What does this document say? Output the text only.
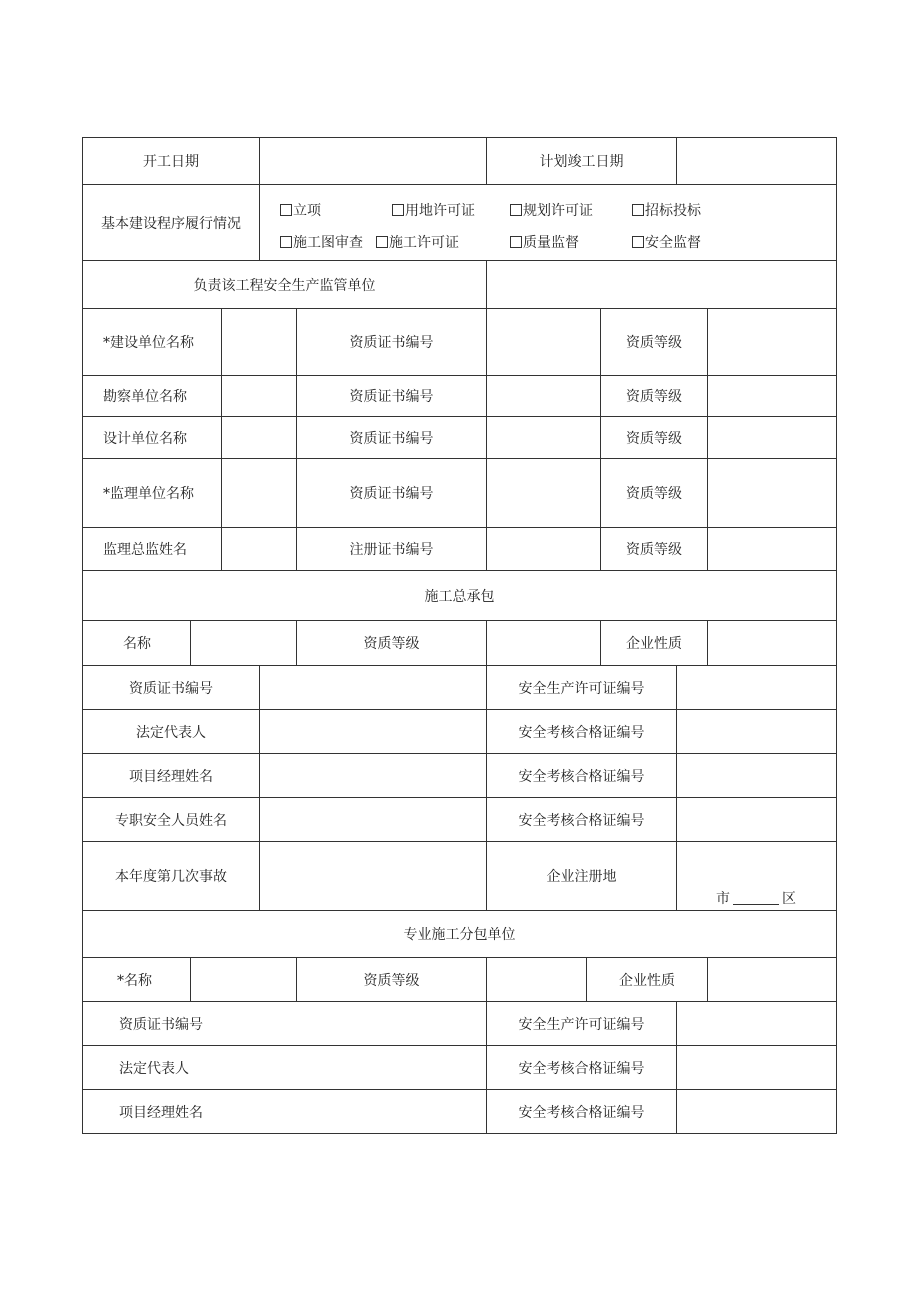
开工日期	计划竣工日期
基本建设程序履行情况
立项	用地许可证	规划许可证	招标投标
施工图审查 施工许可证	质量监督	安全监督
负责该工程安全生产监管单位
*建设单位名称	资质证书编号	资质等级
勘察单位名称	资质证书编号	资质等级
设计单位名称	资质证书编号	资质等级
*监理单位名称	资质证书编号	资质等级
监理总监姓名	注册证书编号	资质等级
施工总承包
名称	资质等级	企业性质
资质证书编号	安全生产许可证编号
法定代表人	安全考核合格证编号
项目经理姓名	安全考核合格证编号
专职安全人员姓名	安全考核合格证编号
本年度第几次事故	企业注册地
市	区
专业施工分包单位
*名称	资质等级	企业性质
资质证书编号	安全生产许可证编号
法定代表人	安全考核合格证编号
项目经理姓名	安全考核合格证编号
